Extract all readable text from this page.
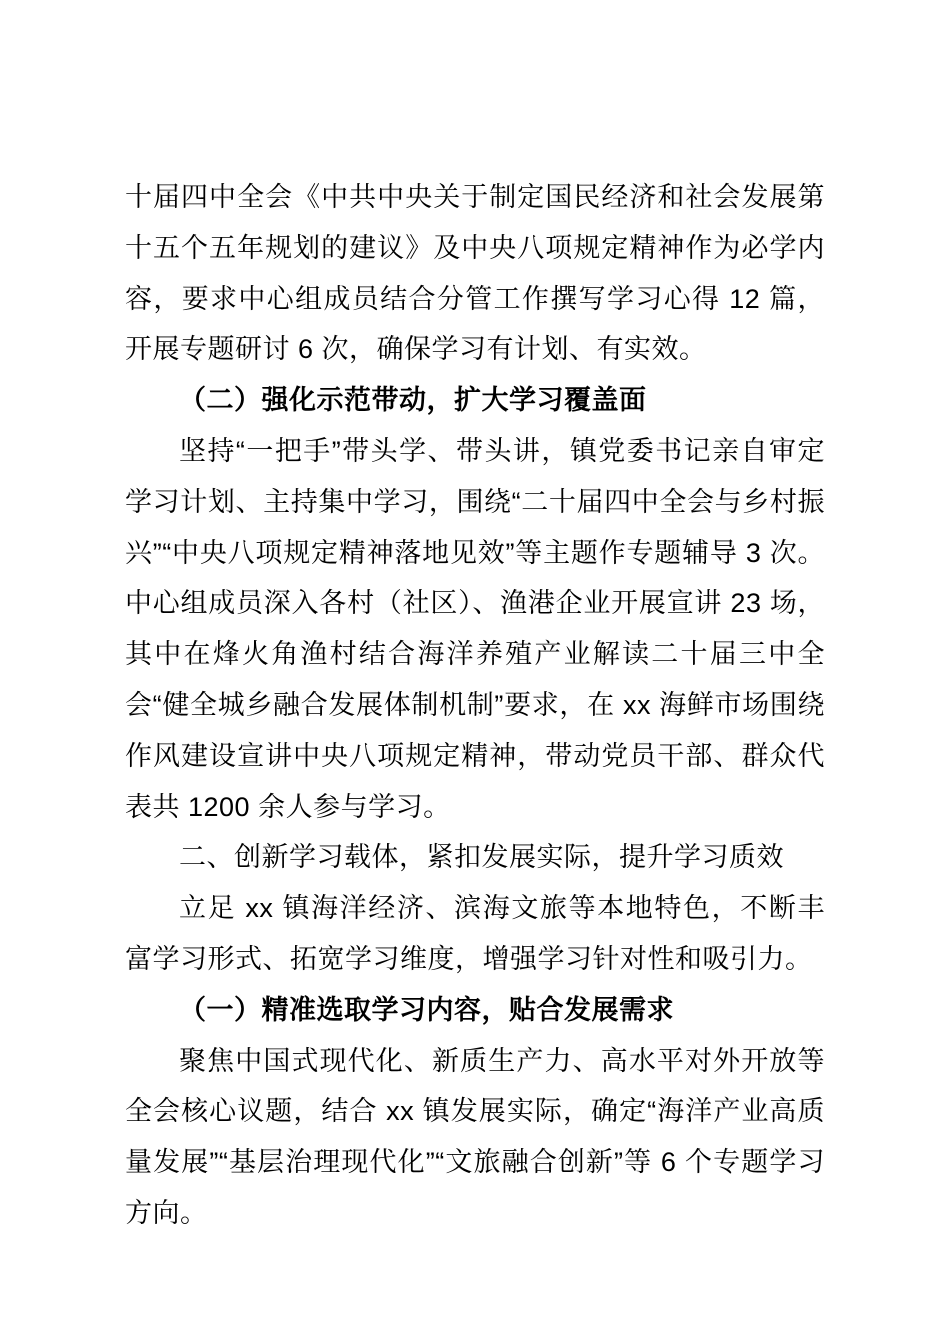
十届四中全会《中共中央关于制定国民经济和社会发展第十五个五年规划的建议》及中央八项规定精神作为必学内容，要求中心组成员结合分管工作撰写学习心得 12 篇，开展专题研讨 6 次，确保学习有计划、有实效。

（二）强化示范带动，扩大学习覆盖面

坚持“一把手”带头学、带头讲，镇党委书记亲自审定学习计划、主持集中学习，围绕“二十届四中全会与乡村振兴”“中央八项规定精神落地见效”等主题作专题辅导 3 次。中心组成员深入各村（社区）、渔港企业开展宣讲 23 场，其中在烽火角渔村结合海洋养殖产业解读二十届三中全会“健全城乡融合发展体制机制”要求，在 xx 海鲜市场围绕作风建设宣讲中央八项规定精神，带动党员干部、群众代表共 1200 余人参与学习。

二、创新学习载体，紧扣发展实际，提升学习质效

立足 xx 镇海洋经济、滨海文旅等本地特色，不断丰富学习形式、拓宽学习维度，增强学习针对性和吸引力。

（一）精准选取学习内容，贴合发展需求

聚焦中国式现代化、新质生产力、高水平对外开放等全会核心议题，结合 xx 镇发展实际，确定“海洋产业高质量发展”“基层治理现代化”“文旅融合创新”等 6 个专题学习方向。
